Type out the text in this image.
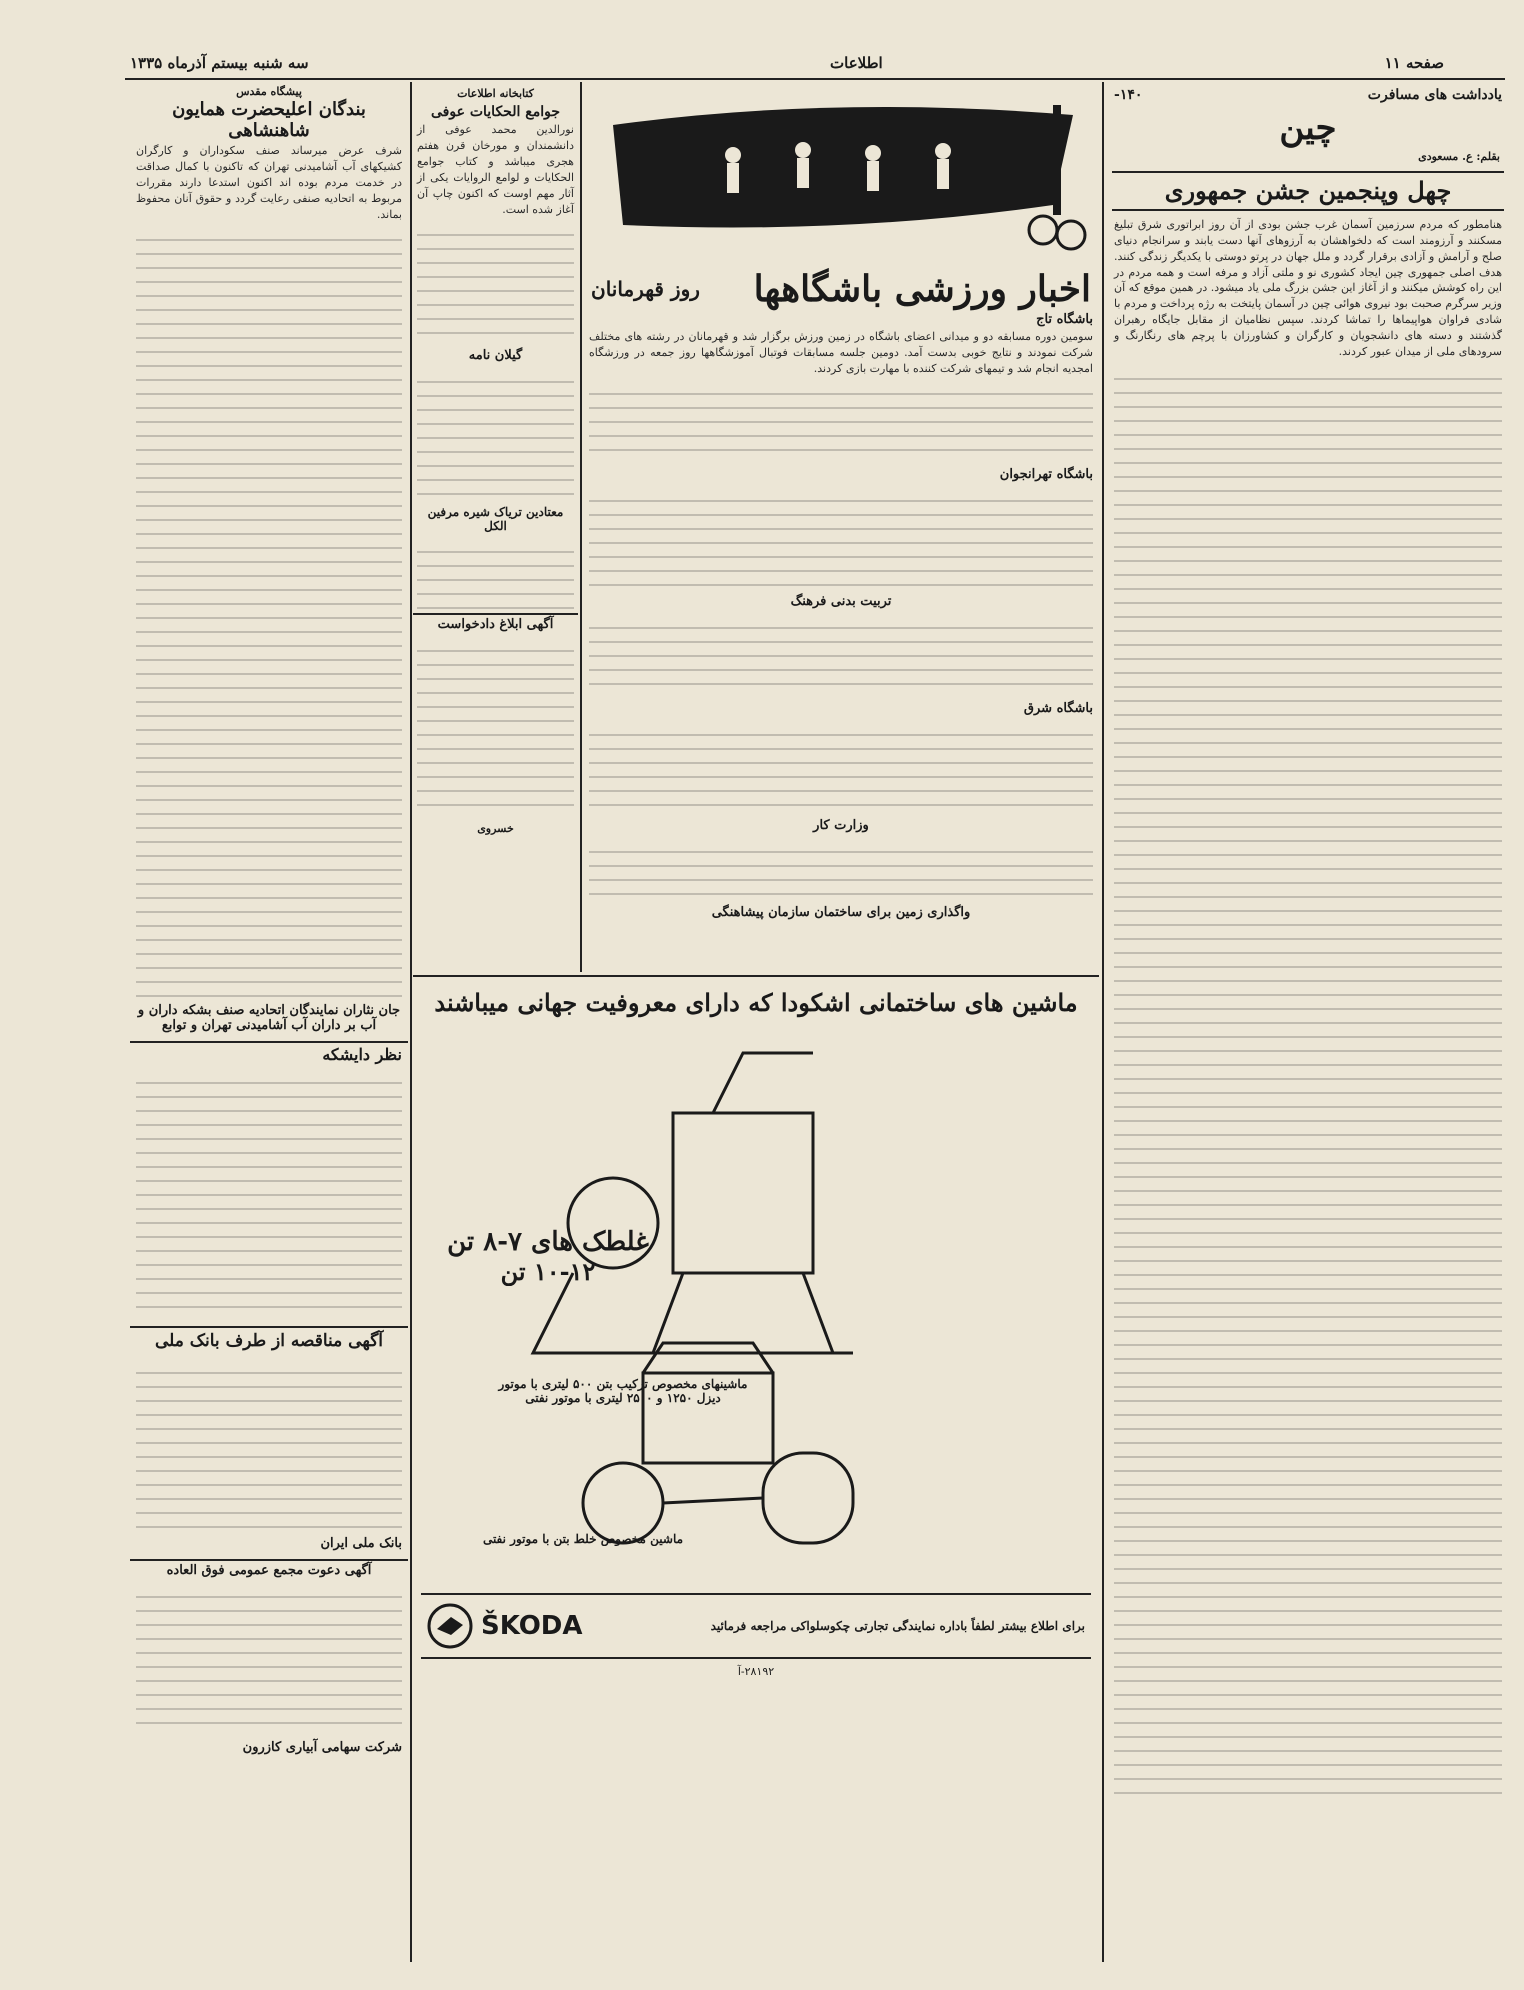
سه شنبه بیستم آذرماه ۱۳۳۵	اطلاعات	صفحه ۱۱
یادداشت های مسافرت
۱۴۰-
چین
بقلم: ع. مسعودی
چهل وپنجمین جشن جمهوری
هنامطور که مردم سرزمین آسمان غرب جشن بودی از آن روز ابراتوری شرق تبلیغ مسکنند و آرزومند است که دلخواهشان به آرزوهای آنها دست یابند و سرانجام دنیای صلح و آرامش و آزادی برقرار گردد و ملل جهان در پرتو دوستی با یکدیگر زندگی کنند. هدف اصلی جمهوری چین ایجاد کشوری نو و ملتی آزاد و مرفه است و همه مردم در این راه کوشش میکنند و از آغاز این جشن بزرگ ملی یاد میشود. در همین موقع که آن وزیر سرگرم صحبت بود نیروی هوائی چین در آسمان پایتخت به رژه پرداخت و مردم با شادی فراوان هواپیماها را تماشا کردند. سپس نظامیان از مقابل جایگاه رهبران گذشتند و دسته های دانشجویان و کارگران و کشاورزان با پرچم های رنگارنگ و سرودهای ملی از میدان عبور کردند.
اخبار ورزشی باشگاهها
روز قهرمانان
باشگاه تاج
سومین دوره مسابقه دو و میدانی اعضای باشگاه در زمین ورزش برگزار شد و قهرمانان در رشته های مختلف شرکت نمودند و نتایج خوبی بدست آمد. دومین جلسه مسابقات فوتبال آموزشگاهها روز جمعه در ورزشگاه امجدیه انجام شد و تیمهای شرکت کننده با مهارت بازی کردند.
باشگاه تهرانجوان
تربیت بدنی فرهنگ
باشگاه شرق
وزارت کار
واگذاری زمین برای ساختمان سازمان پیشاهنگی
کتابخانه اطلاعات
جوامع الحکایات عوفی
نورالدین محمد عوفی از دانشمندان و مورخان قرن هفتم هجری میباشد و کتاب جوامع الحکایات و لوامع الروایات یکی از آثار مهم اوست که اکنون چاپ آن آغاز شده است.
گیلان نامه
معتادین تریاک شیره مرفین الکل
آگهی ابلاغ دادخواست
خسروی
پیشگاه مقدس
بندگان اعلیحضرت همایون شاهنشاهی
شرف عرض میرساند صنف سکوداران و کارگران کشیکهای آب آشامیدنی تهران که تاکنون با کمال صداقت در خدمت مردم بوده اند اکنون استدعا دارند مقررات مربوط به اتحادیه صنفی رعایت گردد و حقوق آنان محفوظ بماند.
جان نثاران نمایندگان اتحادیه صنف بشکه داران و آب بر داران آب آشامیدنی تهران و توابع
نظر دایشکه
آگهی مناقصه از طرف بانک ملی
بانک ملی ایران
آگهی دعوت مجمع عمومی فوق العاده
شرکت سهامی آبیاری کازرون
ماشین های ساختمانی اشکودا که دارای معروفیت جهانی میباشند
غلطک های ۷-۸ تن
۱۰-۱۲ تن
ماشینهای مخصوص ترکیب بتن ۵۰۰ لیتری با موتور
دیزل ۱۲۵۰ و ۲۵۰۰ لیتری با موتور نفتی
ماشین مخصوص خلط بتن با موتور نفتی
برای اطلاع بیشتر لطفاً باداره نمایندگی تجارتی چکوسلواکی مراجعه فرمائید
ŠKODA
۲۸۱۹۲-آ
